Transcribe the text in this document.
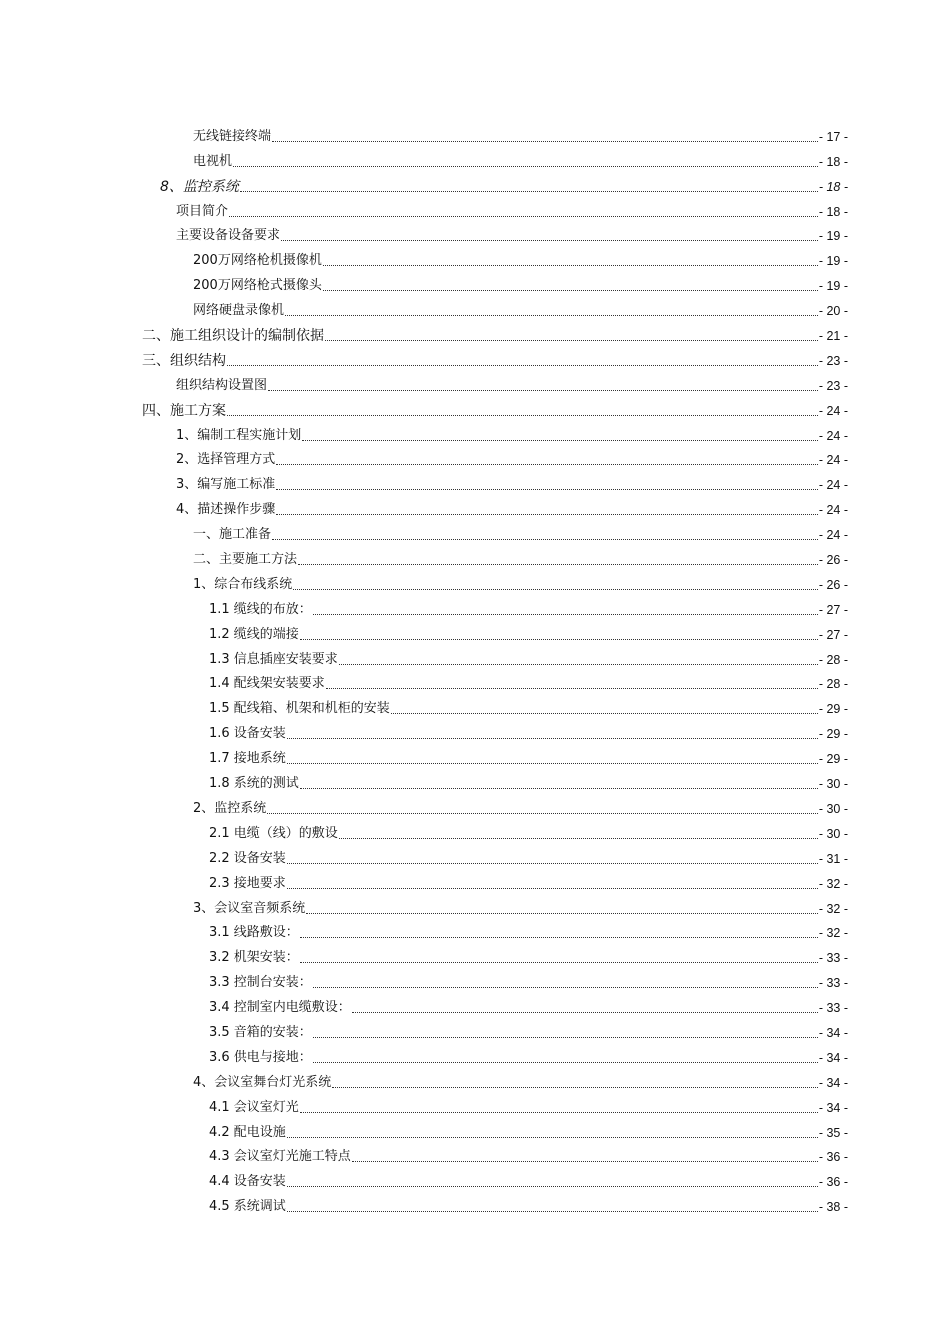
无线链接终端	- 17 -
电视机	- 18 -
8、监控系统	- 18 -
项目简介	- 18 -
主要设备设备要求	- 19 -
200万网络枪机摄像机	- 19 -
200万网络枪式摄像头	- 19 -
网络硬盘录像机	- 20 -
二、施工组织设计的编制依据	- 21 -
三、组织结构	- 23 -
组织结构设置图	- 23 -
四、施工方案	- 24 -
1、编制工程实施计划	- 24 -
2、选择管理方式	- 24 -
3、编写施工标准	- 24 -
4、描述操作步骤	- 24 -
一、施工准备	- 24 -
二、主要施工方法	- 26 -
1、综合布线系统	- 26 -
1.1 缆线的布放：	- 27 -
1.2 缆线的端接	- 27 -
1.3 信息插座安装要求	- 28 -
1.4 配线架安装要求	- 28 -
1.5 配线箱、机架和机柜的安装	- 29 -
1.6 设备安装	- 29 -
1.7 接地系统	- 29 -
1.8 系统的测试	- 30 -
2、监控系统	- 30 -
2.1 电缆（线）的敷设	- 30 -
2.2 设备安装	- 31 -
2.3 接地要求	- 32 -
3、会议室音频系统	- 32 -
3.1 线路敷设：	- 32 -
3.2 机架安装：	- 33 -
3.3 控制台安装：	- 33 -
3.4 控制室内电缆敷设：	- 33 -
3.5 音箱的安装：	- 34 -
3.6 供电与接地：	- 34 -
4、会议室舞台灯光系统	- 34 -
4.1 会议室灯光	- 34 -
4.2 配电设施	- 35 -
4.3 会议室灯光施工特点	- 36 -
4.4 设备安装	- 36 -
4.5 系统调试	- 38 -
